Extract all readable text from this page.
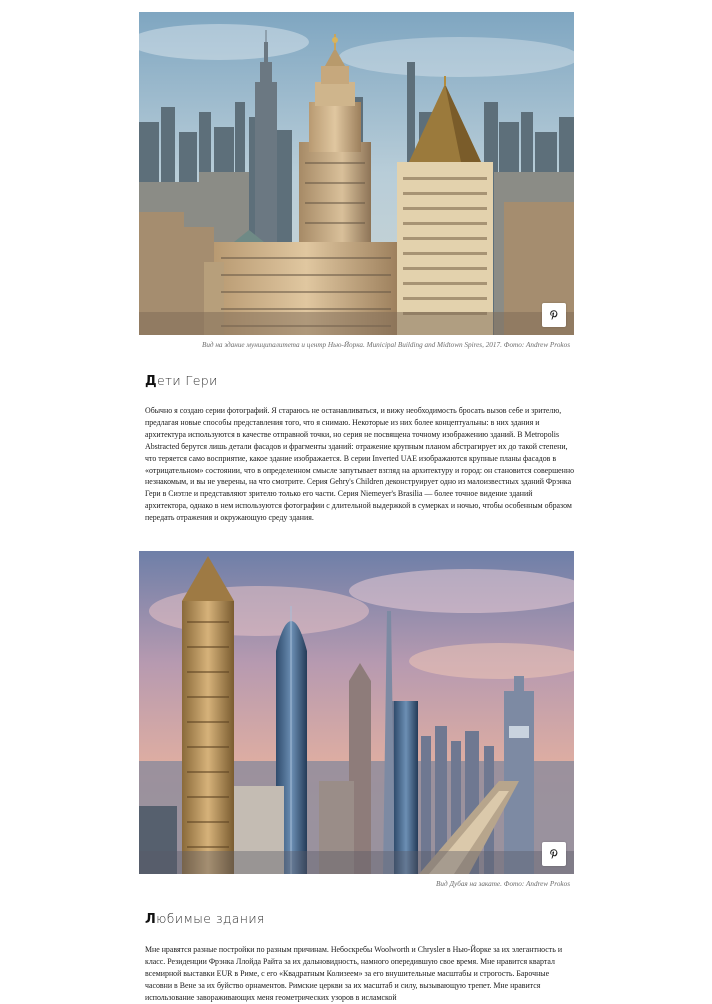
Вид на здание муниципалитета и центр Нью-Йорка. Municipal Building and Midtown Spires, 2017. Фото: Andrew Prokos
Дети Гери

Обычно я создаю серии фотографий. Я стараюсь не останавливаться, и вижу необходимость бросать вызов себе и зрителю, предлагая новые способы представления того, что я снимаю. Некоторые из них более концептуальны: в них здания и архитектура используются в качестве отправной точки, но серия не посвящена точному изображению зданий. В Metropolis Abstracted берутся лишь детали фасадов и фрагменты зданий: отражение крупным планом абстрагирует их до такой степени, что теряется само восприятие, какое здание изображается. В серии Inverted UAE изображаются крупные планы фасадов в «отрицательном» состоянии, что в определенном смысле запутывает взгляд на архитектуру и город: он становится совершенно незнакомым, и вы не уверены, на что смотрите. Серия Gehry's Children деконструирует одно из малоизвестных зданий Фрэнка Гери в Сиэтле и представляют зрителю только его части. Серия Niemeyer's Brasilia — более точное видение зданий архитектора, однако в нем используются фотографии с длительной выдержкой в сумерках и ночью, чтобы особенным образом передать отражения и окружающую среду здания.

Вид Дубая на закате. Фото: Andrew Prokos
Любимые здания

Мне нравятся разные постройки по разным причинам. Небоскребы Woolworth и Chrysler в Нью-Йорке за их элегантность и класс. Резиденции Фрэнка Ллойда Райта за их дальновидность, намного опередившую свое время. Мне нравится квартал всемирной выставки EUR в Риме, с его «Квадратным Колизеем» за его внушительные масштабы и строгость. Барочные часовни в Вене за их буйство орнаментов. Римские церкви за их масштаб и силу, вызывающую трепет. Мне нравится использование завораживающих меня геометрических узоров в исламской
